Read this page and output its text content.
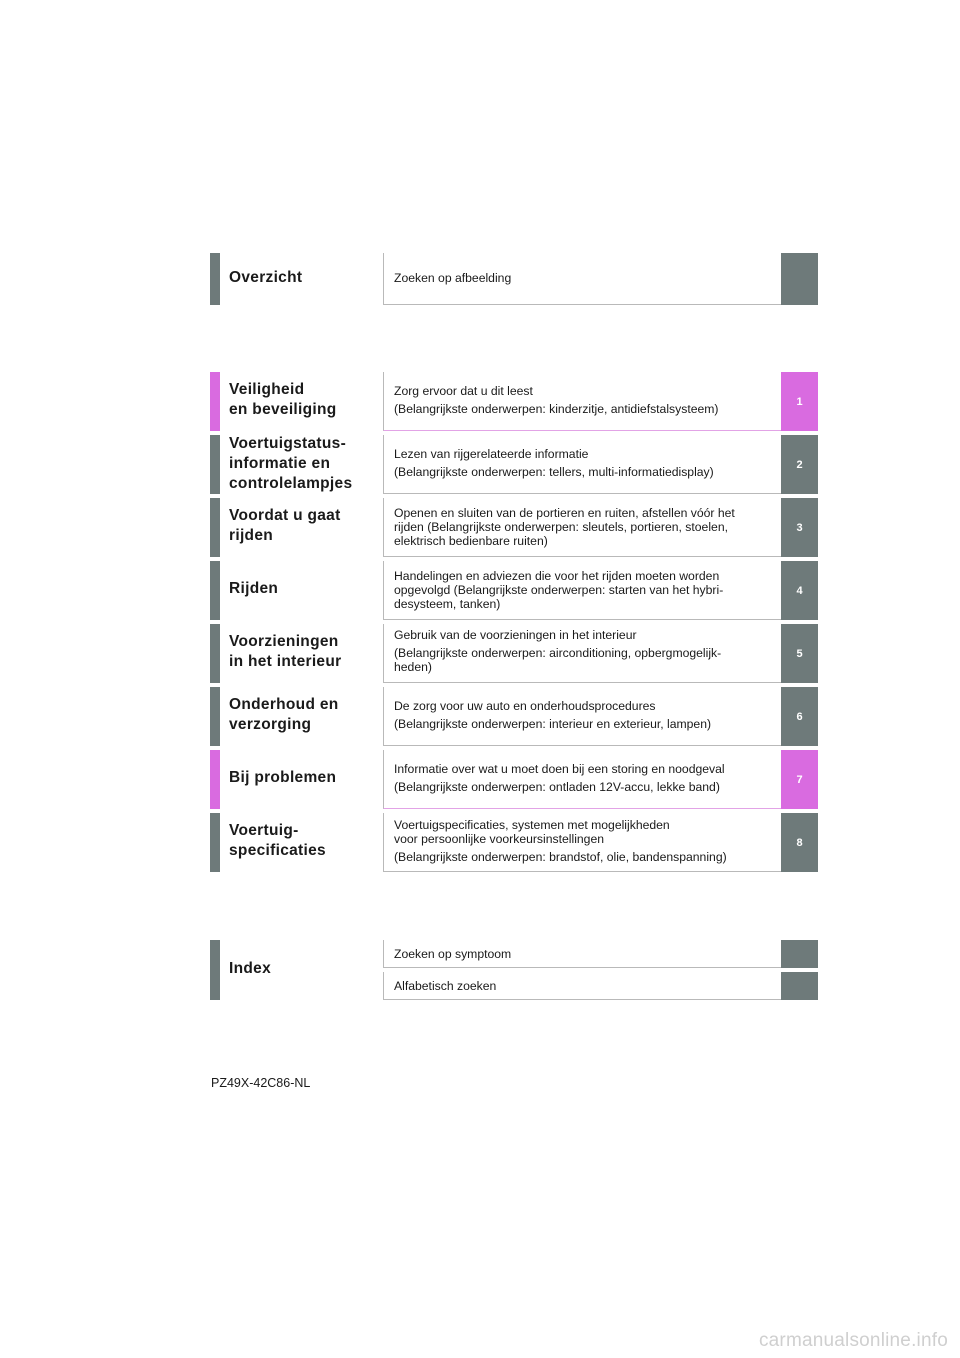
Overzicht	Zoeken op afbeelding
Veiligheid
en beveiliging
Zorg ervoor dat u dit leest
(Belangrijkste onderwerpen: kinderzitje, antidiefstalsysteem)
1
Voertuigstatus-
informatie en
controlelampjes
Lezen van rijgerelateerde informatie
(Belangrijkste onderwerpen: tellers, multi-informatiedisplay)
2
Voordat u gaat
rijden
Openen en sluiten van de portieren en ruiten, afstellen vóór het
rijden (Belangrijkste onderwerpen: sleutels, portieren, stoelen,
elektrisch bedienbare ruiten)
3
Rijden
Handelingen en adviezen die voor het rijden moeten worden
opgevolgd (Belangrijkste onderwerpen: starten van het hybri-
desysteem, tanken)
4
Voorzieningen
in het interieur
Gebruik van de voorzieningen in het interieur
(Belangrijkste onderwerpen: airconditioning, opbergmogelijk-
heden)
5
Onderhoud en
verzorging
De zorg voor uw auto en onderhoudsprocedures
(Belangrijkste onderwerpen: interieur en exterieur, lampen)
6
Bij problemen	Informatie over wat u moet doen bij een storing en noodgeval
(Belangrijkste onderwerpen: ontladen 12V-accu, lekke band)
7
Voertuig-
specificaties
Voertuigspecificaties, systemen met mogelijkheden
voor persoonlijke voorkeursinstellingen
(Belangrijkste onderwerpen: brandstof, olie, bandenspanning)
8
Index
Zoeken op symptoom
Alfabetisch zoeken
PZ49X-42C86-NL
carmanualsonline.info
